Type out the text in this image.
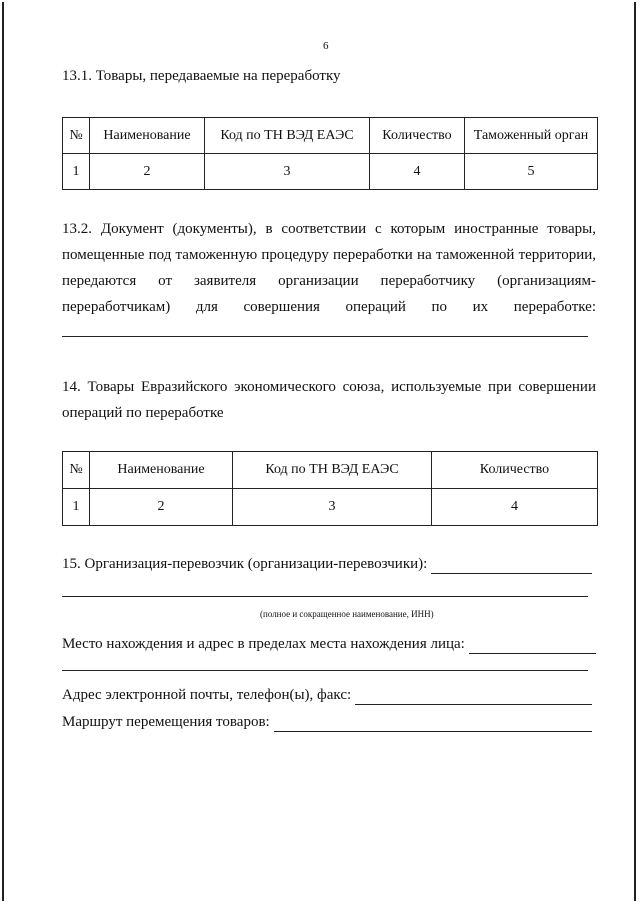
6
13.1. Товары, передаваемые на переработку
№	Наименование	Код по ТН ВЭД ЕАЭС	Количество	Таможенный орган
1	2	3	4	5
13.2. Документ (документы), в соответствии с которым иностранные товары,
помещенные под таможенную процедуру переработки на таможенной территории,
передаются от заявителя организации переработчику (организациям-
переработчикам) для совершения операций по их переработке:
14. Товары Евразийского экономического союза, используемые при совершении
операций по переработке
№	Наименование	Код по ТН ВЭД ЕАЭС	Количество
1	2	3	4
15. Организация-перевозчик (организации-перевозчики):
(полное и сокращенное наименование, ИНН)
Место нахождения и адрес в пределах места нахождения лица:
Адрес электронной почты, телефон(ы), факс:
Маршрут перемещения товаров:
